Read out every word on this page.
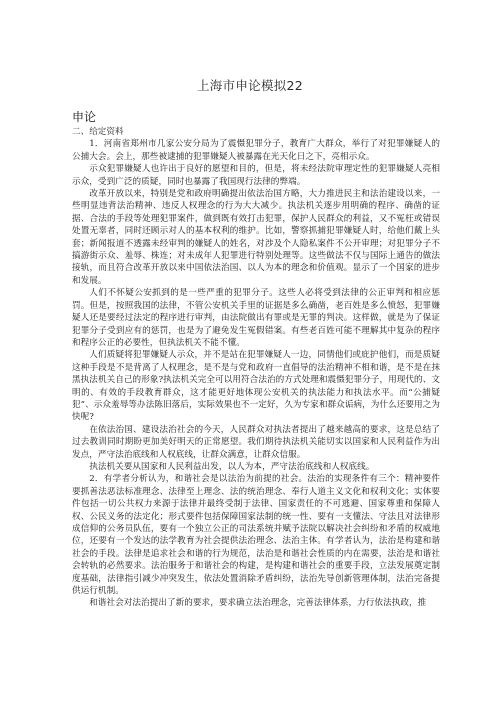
上海市申论模拟22
申论
二、给定资料

1．河南省郑州市几家公安分局为了震慑犯罪分子，教育广大群众，举行了对犯罪嫌疑人的公捕大会。会上，那些被逮捕的犯罪嫌疑人被暴露在光天化日之下，亮相示众。

示众犯罪嫌疑人也许出于良好的愿望和目的，但是，将未经法院审理定性的犯罪嫌疑人亮相示众，受到广泛的质疑，同时也暴露了我国现行法律的弊端。

改革开放以来，特别是党和政府明确提出依法治国方略，大力推进民主和法治建设以来，一些明显违背法治精神、违反人权理念的行为大大减少。执法机关逐步用明确的程序、确凿的证据、合法的手段等处理犯罪案件，做到既有效打击犯罪，保护人民群众的利益，又不冤枉或错误处置无辜者，同时还顾示对人的基本权利的维护。比如，警察抓捕犯罪嫌疑人时，给他们戴上头套；新闻报道不透露未经审判的嫌疑人的姓名，对涉及个人隐私案件不公开审理；对犯罪分子不搞游街示众、羞辱、株连；对未成年人犯罪进行特别处理等。这些做法不仅与国际上通告的做法接轨，而且符合改革开放以来中国依法治国、以人为本的理念和价值观。显示了一个国家的进步和发展。

人们不怀疑公安抓到的是一些严重的犯罪分子。这些人必将受到法律的公正审判和相应惩罚。但是，按照我国的法律，不管公安机关手里的证据是多么确凿，老百姓是多么愤怒，犯罪嫌疑人还是要经过法定的程序进行审判，由法院做出有罪或是无罪的判决。这样做，就是为了保证犯罪分子受到应有的惩罚，也是为了避免发生冤假错案。有些老百姓可能不理解其中复杂的程序和程序公正的必要性，但执法机关不能不懂。

人们质疑将犯罪嫌疑人示众，并不是站在犯罪嫌疑人一边，同情他们或庇护他们，而是质疑这种手段是不是背离了人权理念，是不是与党和政府一直倡导的法治精神不相和谐，是不是在抹黑执法机关自己的形象?执法机关完全可以用符合法治的方式处理和震慑犯罪分子，用现代的、文明的、有效的手段教育群众，这才能更好地体现公安机关的执法能力和执法水平。而“公捕疑犯”、示众羞辱等办法陈旧落后，实际效果也不一定好，久为专家和群众诟病，为什么还要用之为快呢?

在依法治国、建设法治社会的今天，人民群众对执法者提出了越来越高的要求，这是总结了过去教训同时期盼更加美好明天的正常愿望。我们期待执法机关能切实以国家和人民利益作为出发点，严守法治底线和人权底线，让群众满意，让群众信服。

执法机关要从国家和人民利益出发，以人为本，严守法治底线和人权底线。

2．有学者分析认为，和谐社会是以法治为前提的社会。法治的实现条件有三个：精神要件要抓善法恶法标准理念、法律至上理念、法的统治理念、奉行人道主义文化和权利文化；实体要件包括一切公共权力来源于法律并最终受制于法律、国家责任的不可逃避、国家尊重和保障人权、公民义务的法定化；形式要件包括保障国家法制的统一性、要有一支懂法、守法且对法律形成信仰的公务员队伍，要有一个独立公正的司法系统并赋予法院以解决社会纠纷和矛盾的权威地位，还要有一个发达的法学教育为社会提供法治理念、法治主体。有学者认为，法治是构建和谐社会的手段。法律是追求社会和谐的行为规范，法治是和谐社会性质的内在需要，法治是和谐社会转轨的必然要求。法治服务于和谐社会的构建，是构建和谐社会的重要手段，立法发展奠定制度基础，法律指引减少冲突发生，依法处置消除矛盾纠纷，法治先导创新管理体制，法治完备提供运行机制。

和谐社会对法治提出了新的要求，要求确立法治理念，完善法律体系，力行依法执政，推
